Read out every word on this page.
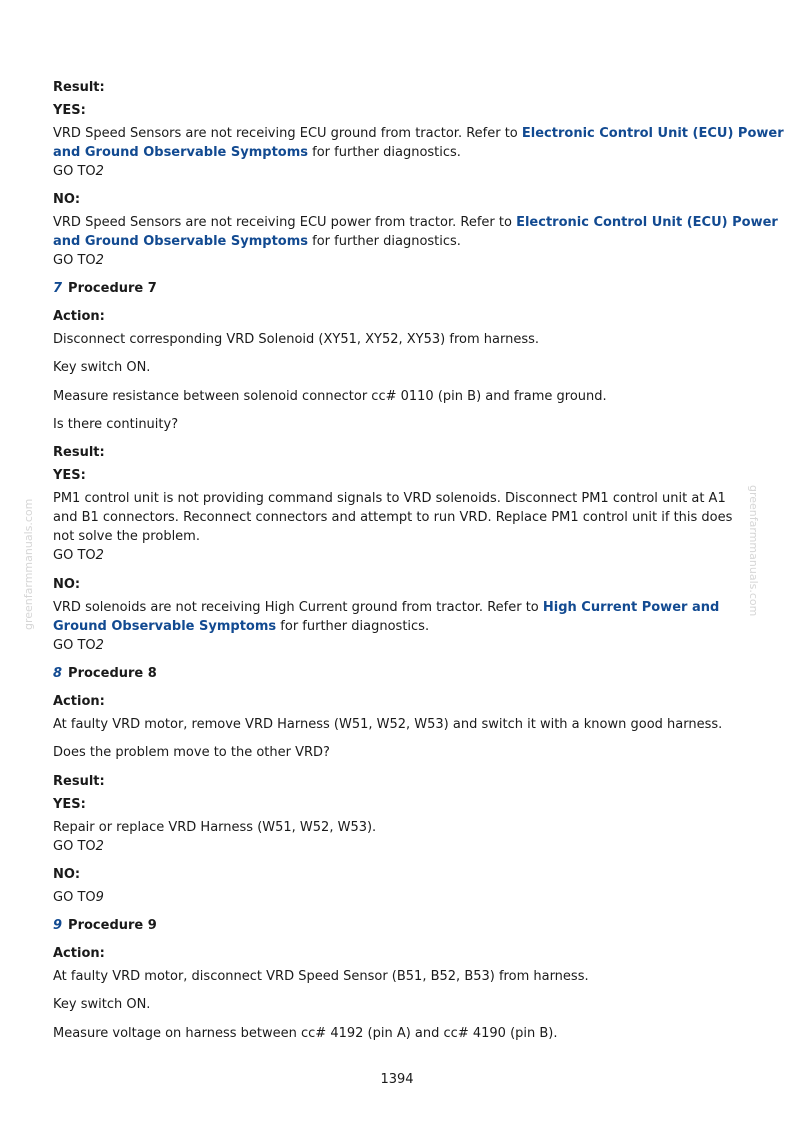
greenfarmmanuals.com	greenfarmmanuals.com
Result:
YES:
VRD Speed Sensors are not receiving ECU ground from tractor. Refer to Electronic Control Unit (ECU) Power
and Ground Observable Symptoms for further diagnostics.
GO TO2
NO:
VRD Speed Sensors are not receiving ECU power from tractor. Refer to Electronic Control Unit (ECU) Power
and Ground Observable Symptoms for further diagnostics.
GO TO2
7 Procedure 7
Action:
Disconnect corresponding VRD Solenoid (XY51, XY52, XY53) from harness.
Key switch ON.
Measure resistance between solenoid connector cc# 0110 (pin B) and frame ground.
Is there continuity?
Result:
YES:
PM1 control unit is not providing command signals to VRD solenoids. Disconnect PM1 control unit at A1
and B1 connectors. Reconnect connectors and attempt to run VRD. Replace PM1 control unit if this does
not solve the problem.
GO TO2
NO:
VRD solenoids are not receiving High Current ground from tractor. Refer to High Current Power and
Ground Observable Symptoms for further diagnostics.
GO TO2
8 Procedure 8
Action:
At faulty VRD motor, remove VRD Harness (W51, W52, W53) and switch it with a known good harness.
Does the problem move to the other VRD?
Result:
YES:
Repair or replace VRD Harness (W51, W52, W53).
GO TO2
NO:
GO TO9
9 Procedure 9
Action:
At faulty VRD motor, disconnect VRD Speed Sensor (B51, B52, B53) from harness.
Key switch ON.
Measure voltage on harness between cc# 4192 (pin A) and cc# 4190 (pin B).
1394
